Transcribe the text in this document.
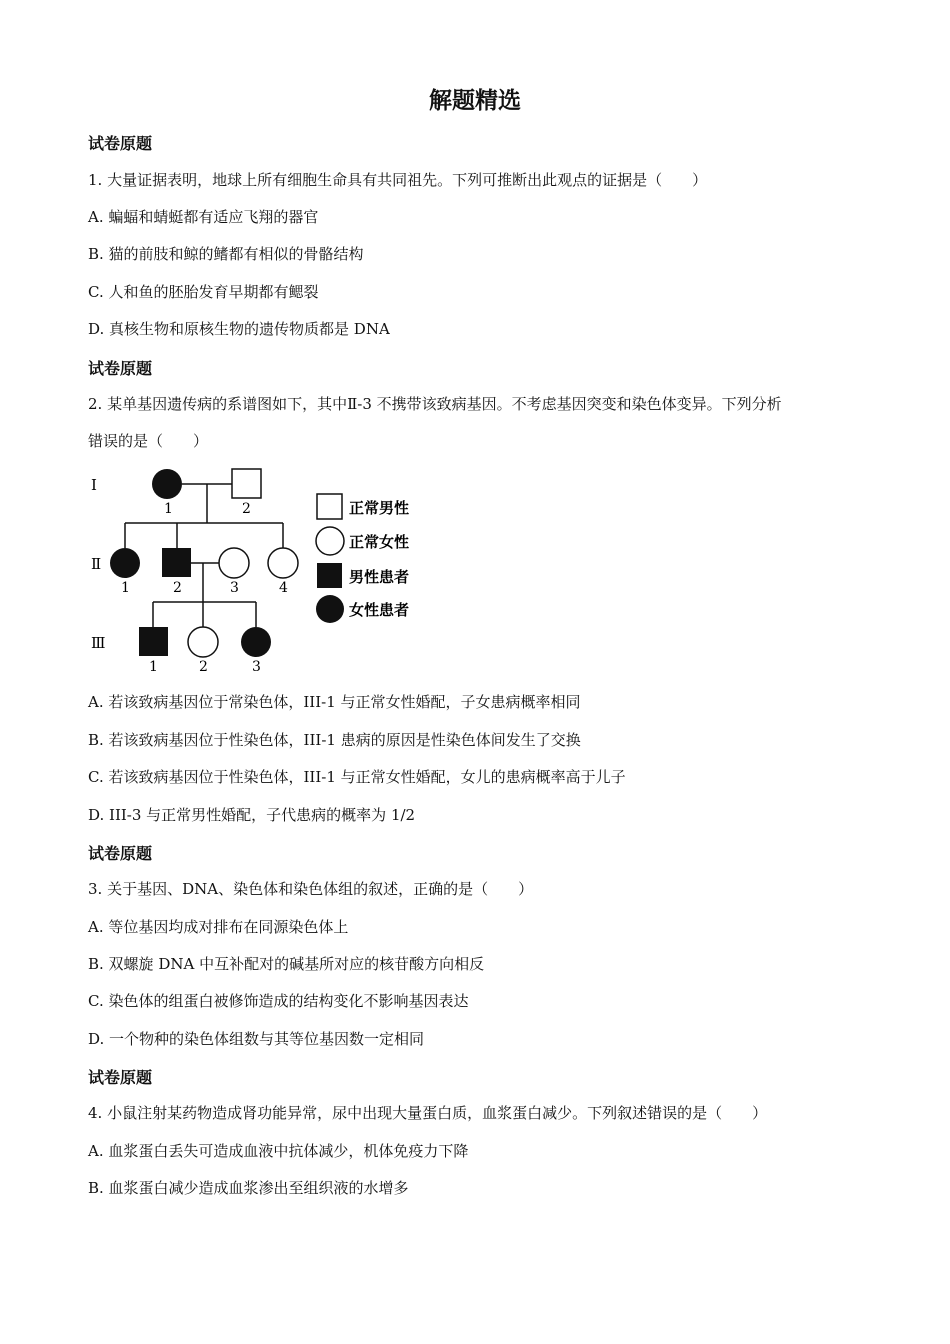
解题精选
试卷原题
1. 大量证据表明，地球上所有细胞生命具有共同祖先。下列可推断出此观点的证据是（　　）
A. 蝙蝠和蜻蜓都有适应飞翔的器官
B. 猫的前肢和鲸的鳍都有相似的骨骼结构
C. 人和鱼的胚胎发育早期都有鳃裂
D. 真核生物和原核生物的遗传物质都是 DNA
试卷原题
2. 某单基因遗传病的系谱图如下，其中Ⅱ-3 不携带该致病基因。不考虑基因突变和染色体变异。下列分析
错误的是（　　）
Ⅰ
Ⅱ
Ⅲ
1	2
1	2	3	4
1	2	3
正常男性
正常女性
男性患者
女性患者
A. 若该致病基因位于常染色体，III-1 与正常女性婚配，子女患病概率相同
B. 若该致病基因位于性染色体，III-1 患病的原因是性染色体间发生了交换
C. 若该致病基因位于性染色体，III-1 与正常女性婚配，女儿的患病概率高于儿子
D. III-3 与正常男性婚配，子代患病的概率为 1/2
试卷原题
3. 关于基因、DNA、染色体和染色体组的叙述，正确的是（　　）
A. 等位基因均成对排布在同源染色体上
B. 双螺旋 DNA 中互补配对的碱基所对应的核苷酸方向相反
C. 染色体的组蛋白被修饰造成的结构变化不影响基因表达
D. 一个物种的染色体组数与其等位基因数一定相同
试卷原题
4. 小鼠注射某药物造成肾功能异常，尿中出现大量蛋白质，血浆蛋白减少。下列叙述错误的是（　　）
A. 血浆蛋白丢失可造成血液中抗体减少，机体免疫力下降
B. 血浆蛋白减少造成血浆渗出至组织液的水增多
